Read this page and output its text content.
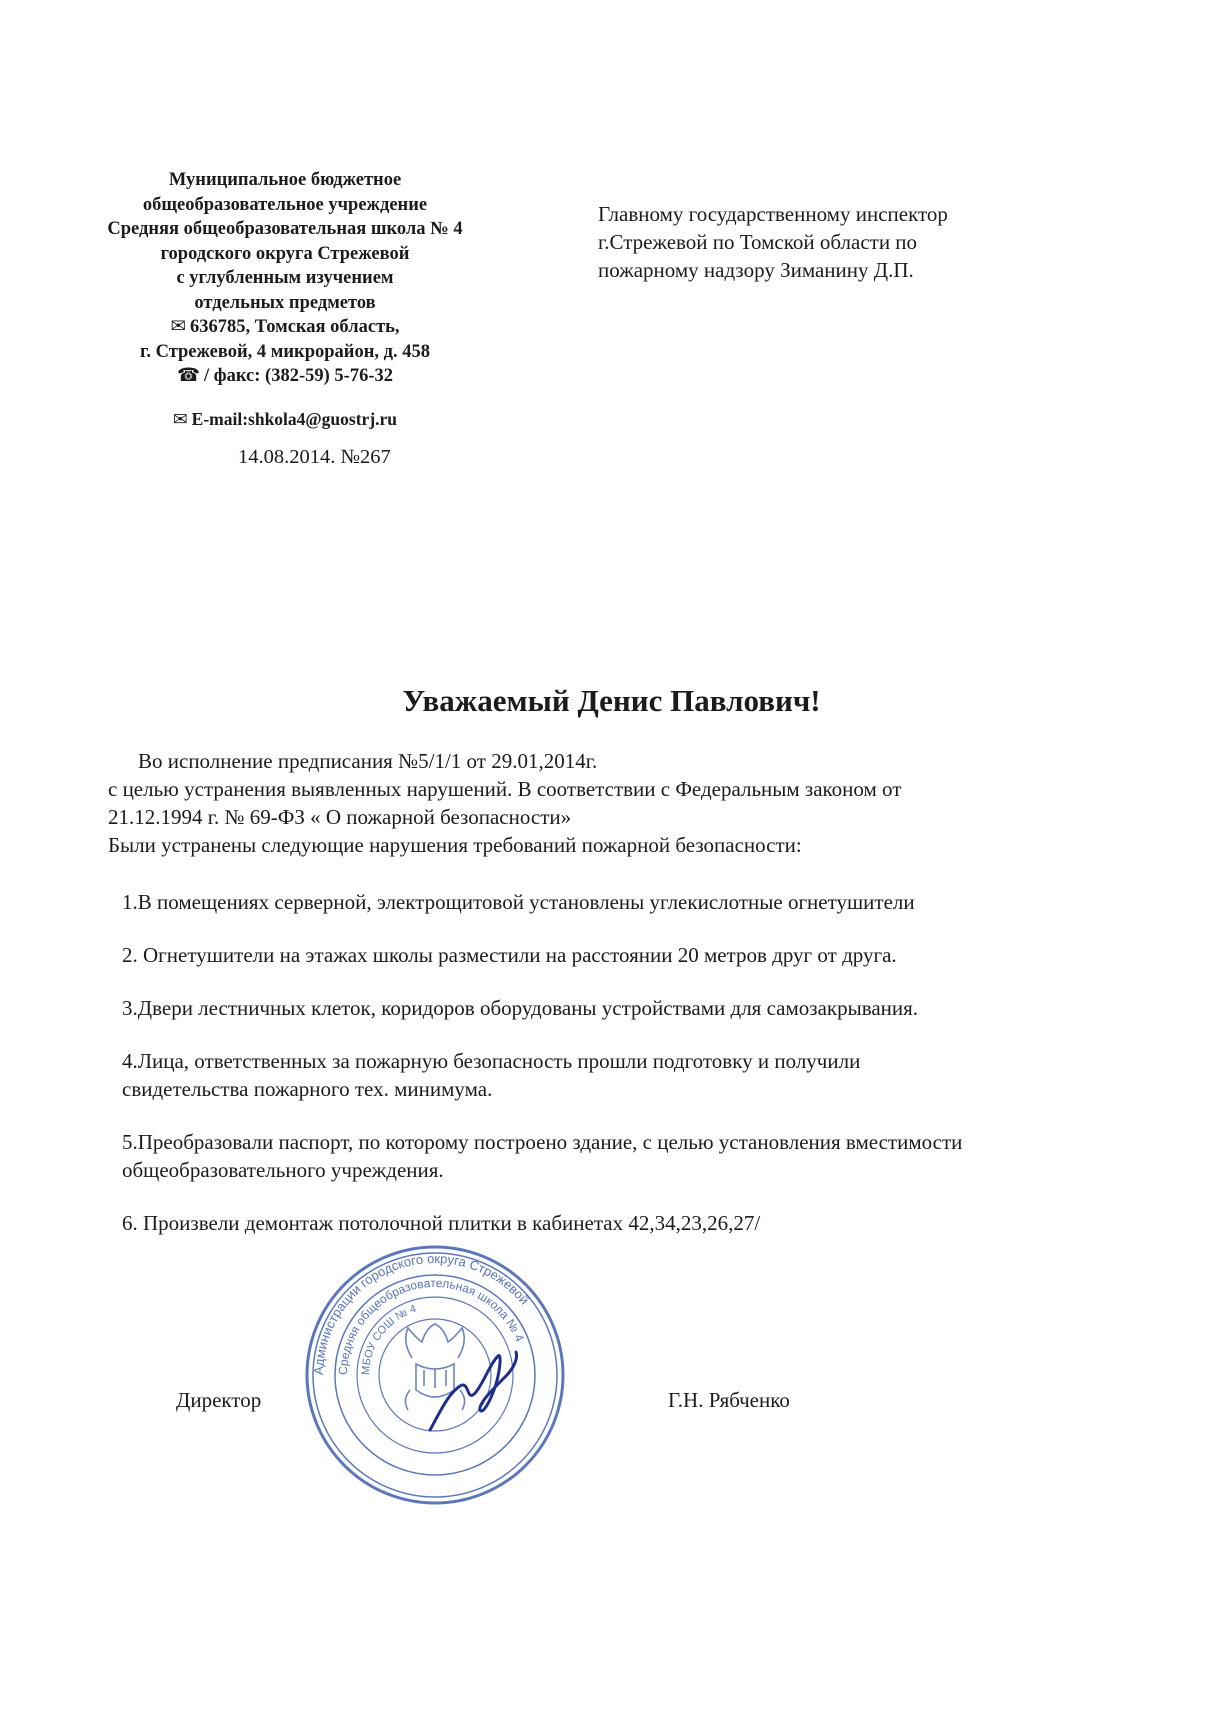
Муниципальное бюджетное
общеобразовательное учреждение
Средняя общеобразовательная школа № 4
городского округа Стрежевой
с углубленным изучением
отдельных предметов
✉ 636785, Томская область,
г. Стрежевой, 4 микрорайон, д. 458
☎ / факс: (382-59) 5-76-32
✉ E-mail:shkola4@guostrj.ru
14.08.2014. №267
Главному государственному инспектор
г.Стрежевой по Томской области по
пожарному надзору Зиманину Д.П.
Уважаемый Денис Павлович!
Во исполнение предписания №5/1/1 от 29.01,2014г.
с целью устранения выявленных нарушений. В соответствии с Федеральным законом от
21.12.1994 г. № 69-ФЗ « О пожарной безопасности»
Были устранены следующие нарушения требований пожарной безопасности:
1.В помещениях серверной, электрощитовой установлены углекислотные огнетушители
2. Огнетушители на этажах школы разместили на расстоянии 20 метров друг от друга.
3.Двери лестничных клеток, коридоров оборудованы устройствами для самозакрывания.
4.Лица, ответственных за пожарную безопасность прошли подготовку и получили
свидетельства пожарного тех. минимума.
5.Преобразовали паспорт, по которому построено здание, с целью установления вместимости
общеобразовательного учреждения.
6. Произвели демонтаж потолочной плитки в кабинетах 42,34,23,26,27/
Администрации городского округа Стрежевой
Средняя общеобразовательная школа № 4
МБОУ СОШ № 4
Директор	Г.Н. Рябченко
